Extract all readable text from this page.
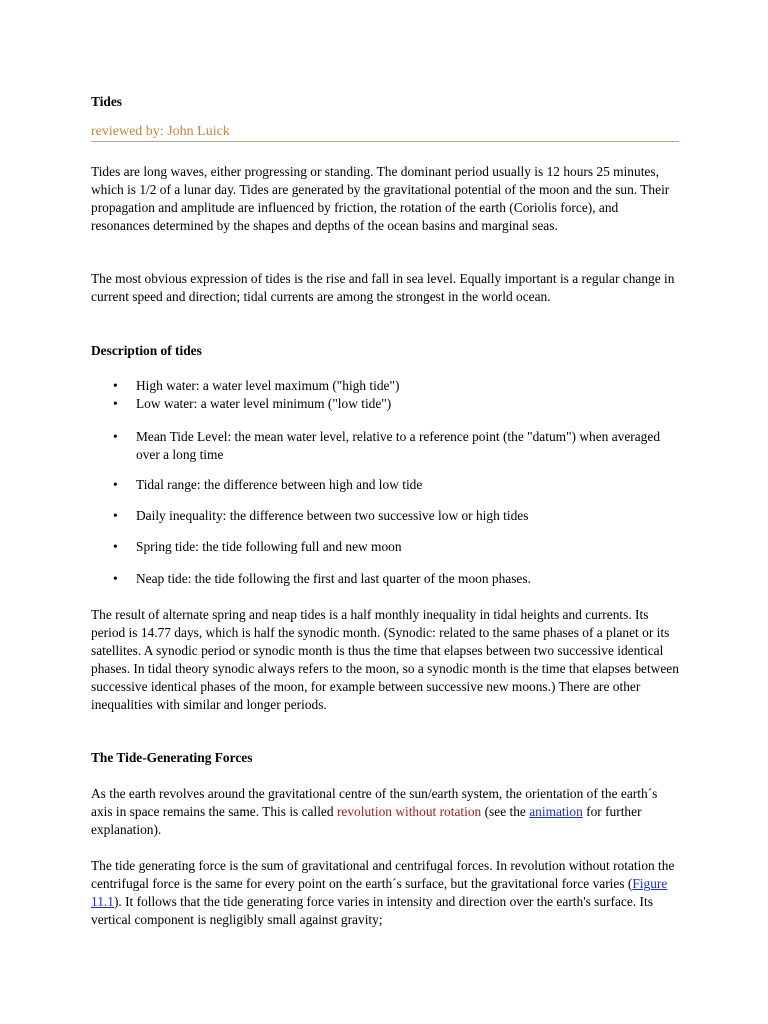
Tides
reviewed by: John Luick

Tides are long waves, either progressing or standing. The dominant period usually is 12 hours 25 minutes, which is 1/2 of a lunar day. Tides are generated by the gravitational potential of the moon and the sun. Their propagation and amplitude are influenced by friction, the rotation of the earth (Coriolis force), and resonances determined by the shapes and depths of the ocean basins and marginal seas.

The most obvious expression of tides is the rise and fall in sea level. Equally important is a regular change in current speed and direction; tidal currents are among the strongest in the world ocean.

Description of tides
• High water: a water level maximum ("high tide")
• Low water: a water level minimum ("low tide")
• Mean Tide Level: the mean water level, relative to a reference point (the "datum") when averaged over a long time
• Tidal range: the difference between high and low tide
• Daily inequality: the difference between two successive low or high tides
• Spring tide: the tide following full and new moon
• Neap tide: the tide following the first and last quarter of the moon phases.

The result of alternate spring and neap tides is a half monthly inequality in tidal heights and currents. Its period is 14.77 days, which is half the synodic month. (Synodic: related to the same phases of a planet or its satellites. A synodic period or synodic month is thus the time that elapses between two successive identical phases. In tidal theory synodic always refers to the moon, so a synodic month is the time that elapses between successive identical phases of the moon, for example between successive new moons.) There are other inequalities with similar and longer periods.

The Tide-Generating Forces

As the earth revolves around the gravitational centre of the sun/earth system, the orientation of the earth´s axis in space remains the same. This is called revolution without rotation (see the animation for further explanation).

The tide generating force is the sum of gravitational and centrifugal forces. In revolution without rotation the centrifugal force is the same for every point on the earth´s surface, but the gravitational force varies (Figure 11.1). It follows that the tide generating force varies in intensity and direction over the earth's surface. Its vertical component is negligibly small against gravity;
